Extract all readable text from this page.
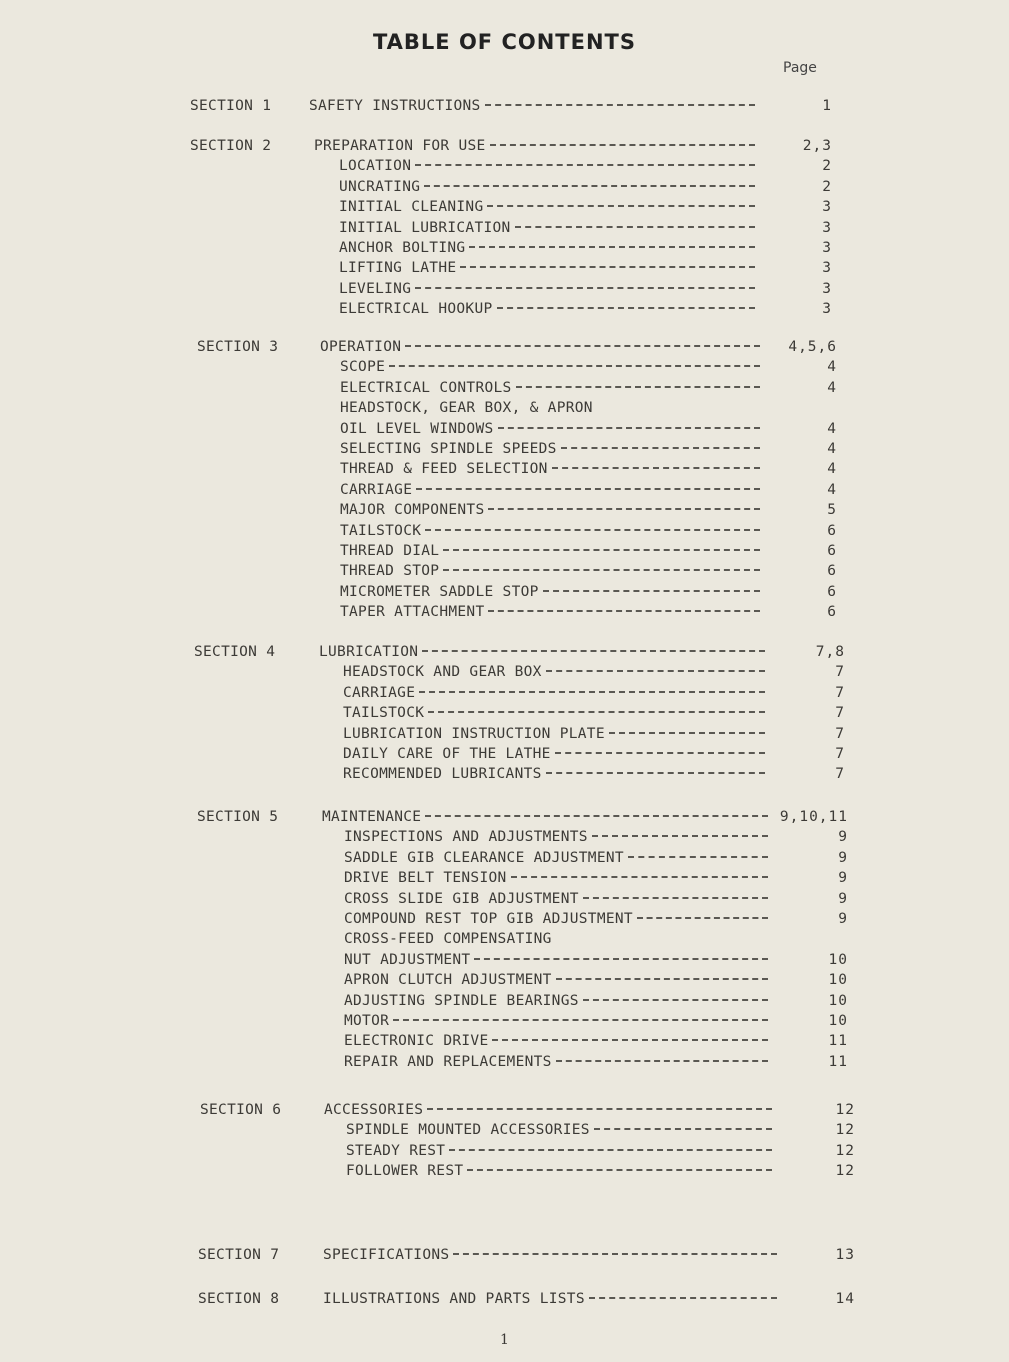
TABLE OF CONTENTS
Page
SECTION 1	SAFETY INSTRUCTIONS	1
SECTION 2	PREPARATION FOR USE	2,3
LOCATION	2
UNCRATING	2
INITIAL CLEANING	3
INITIAL LUBRICATION	3
ANCHOR BOLTING	3
LIFTING LATHE	3
LEVELING	3
ELECTRICAL HOOKUP	3
SECTION 3	OPERATION	4,5,6
SCOPE	4
ELECTRICAL CONTROLS	4
HEADSTOCK, GEAR BOX, & APRON
OIL LEVEL WINDOWS	4
SELECTING SPINDLE SPEEDS	4
THREAD & FEED SELECTION	4
CARRIAGE	4
MAJOR COMPONENTS	5
TAILSTOCK	6
THREAD DIAL	6
THREAD STOP	6
MICROMETER SADDLE STOP	6
TAPER ATTACHMENT	6
SECTION 4	LUBRICATION	7,8
HEADSTOCK AND GEAR BOX	7
CARRIAGE	7
TAILSTOCK	7
LUBRICATION INSTRUCTION PLATE	7
DAILY CARE OF THE LATHE	7
RECOMMENDED LUBRICANTS	7
SECTION 5	MAINTENANCE	9,10,11
INSPECTIONS AND ADJUSTMENTS	9
SADDLE GIB CLEARANCE ADJUSTMENT	9
DRIVE BELT TENSION	9
CROSS SLIDE GIB ADJUSTMENT	9
COMPOUND REST TOP GIB ADJUSTMENT	9
CROSS-FEED COMPENSATING
NUT ADJUSTMENT	10
APRON CLUTCH ADJUSTMENT	10
ADJUSTING SPINDLE BEARINGS	10
MOTOR	10
ELECTRONIC DRIVE	11
REPAIR AND REPLACEMENTS	11
SECTION 6	ACCESSORIES	12
SPINDLE MOUNTED ACCESSORIES	12
STEADY REST	12
FOLLOWER REST	12
SECTION 7	SPECIFICATIONS	13
SECTION 8	ILLUSTRATIONS AND PARTS LISTS	14
1
